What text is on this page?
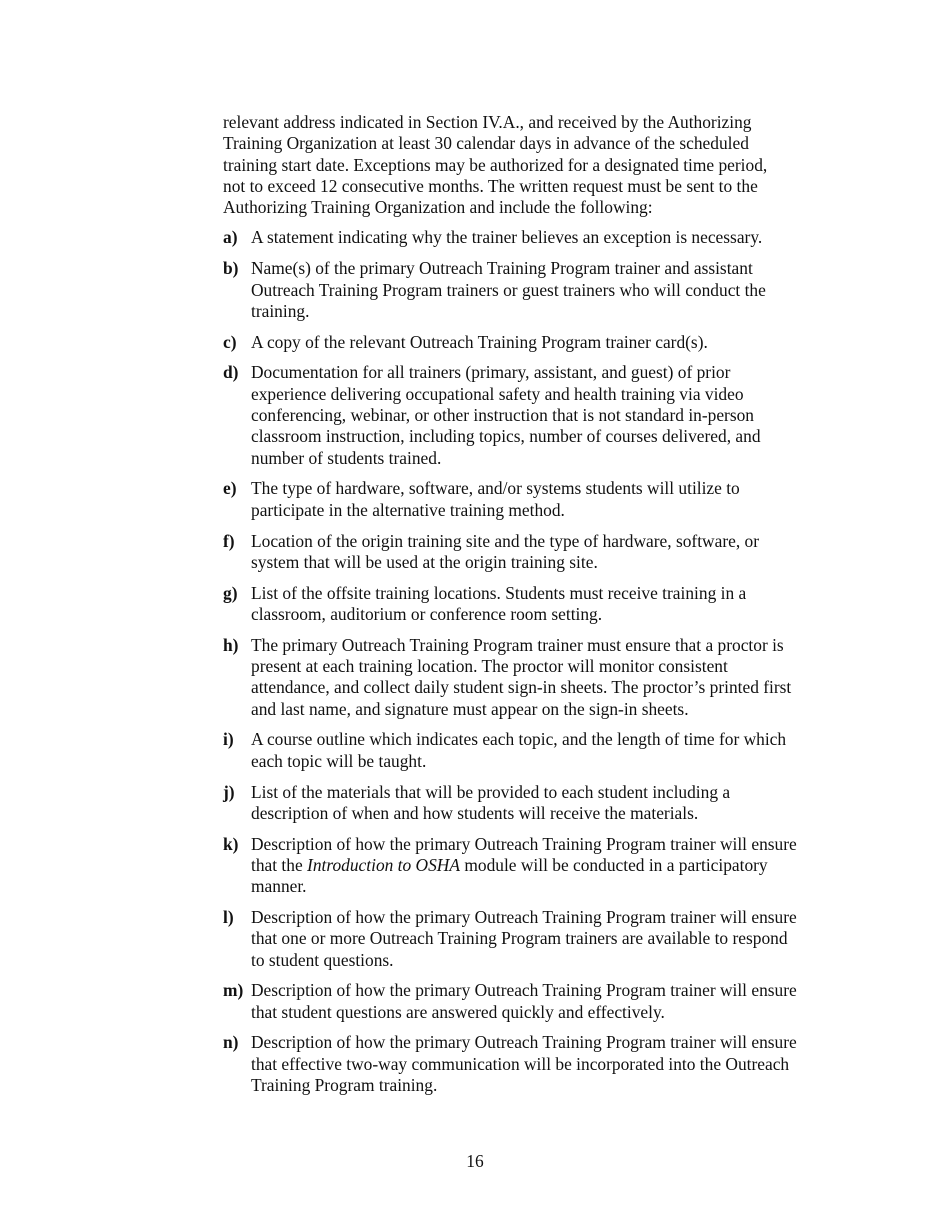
relevant address indicated in Section IV.A., and received by the Authorizing
Training Organization at least 30 calendar days in advance of the scheduled
training start date. Exceptions may be authorized for a designated time period,
not to exceed 12 consecutive months. The written request must be sent to the
Authorizing Training Organization and include the following:

a) A statement indicating why the trainer believes an exception is necessary.
b) Name(s) of the primary Outreach Training Program trainer and assistant
Outreach Training Program trainers or guest trainers who will conduct the
training.
c) A copy of the relevant Outreach Training Program trainer card(s).
d) Documentation for all trainers (primary, assistant, and guest) of prior
experience delivering occupational safety and health training via video
conferencing, webinar, or other instruction that is not standard in-person
classroom instruction, including topics, number of courses delivered, and
number of students trained.
e) The type of hardware, software, and/or systems students will utilize to
participate in the alternative training method.
f) Location of the origin training site and the type of hardware, software, or
system that will be used at the origin training site.
g) List of the offsite training locations. Students must receive training in a
classroom, auditorium or conference room setting.
h) The primary Outreach Training Program trainer must ensure that a proctor is
present at each training location. The proctor will monitor consistent
attendance, and collect daily student sign-in sheets. The proctor’s printed first
and last name, and signature must appear on the sign-in sheets.
i) A course outline which indicates each topic, and the length of time for which
each topic will be taught.
j) List of the materials that will be provided to each student including a
description of when and how students will receive the materials.
k) Description of how the primary Outreach Training Program trainer will ensure
that the Introduction to OSHA module will be conducted in a participatory
manner.
l) Description of how the primary Outreach Training Program trainer will ensure
that one or more Outreach Training Program trainers are available to respond
to student questions.
m) Description of how the primary Outreach Training Program trainer will ensure
that student questions are answered quickly and effectively.
n) Description of how the primary Outreach Training Program trainer will ensure
that effective two-way communication will be incorporated into the Outreach
Training Program training.
16
